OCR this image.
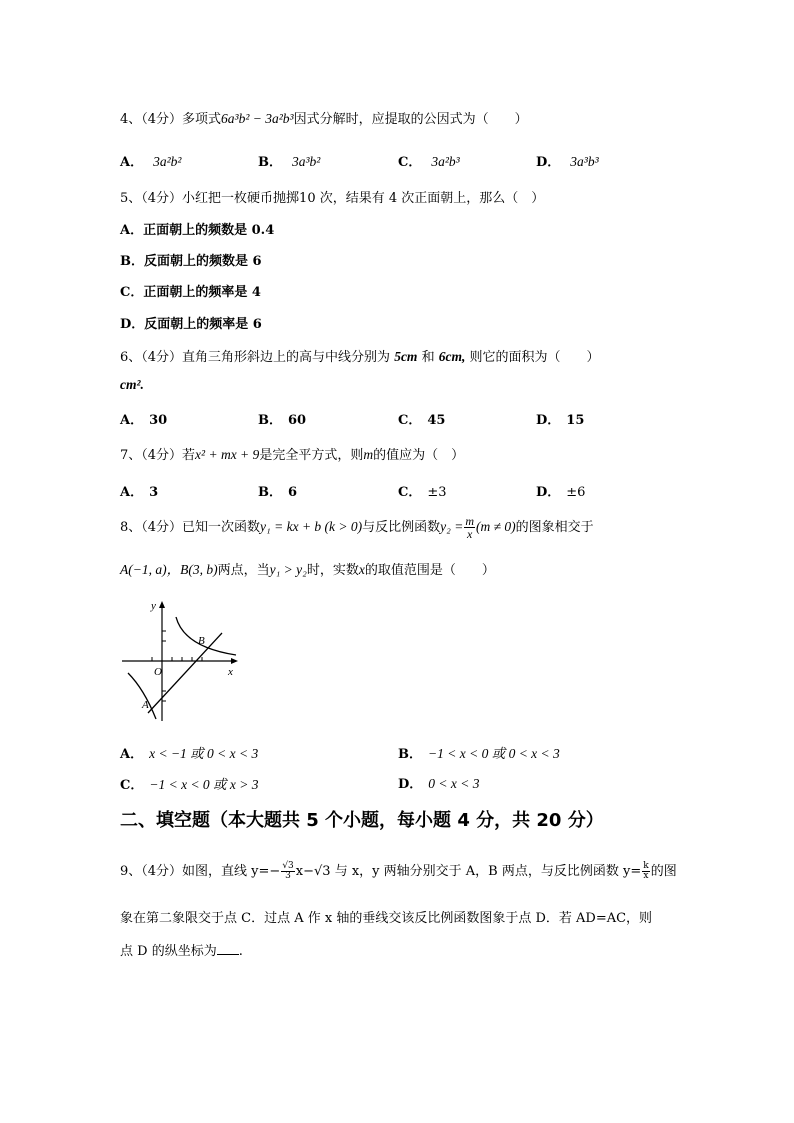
4、（4分）多项式6a³b² − 3a²b³因式分解时，应提取的公因式为（　　）
A． 3a²b²	B． 3a³b²	C． 3a²b³	D． 3a³b³
5、（4分）小红把一枚硬币抛掷10 次，结果有 4 次正面朝上，那么（　）
A．正面朝上的频数是 0.4
B．反面朝上的频数是 6
C．正面朝上的频率是 4
D．反面朝上的频率是 6
6、（4分）直角三角形斜边上的高与中线分别为 5cm 和 6cm, 则它的面积为（　　）
cm².
A． 30	B． 60	C． 45	D． 15
7、（4分）若x² + mx + 9是完全平方式，则m的值应为（　）
A． 3	B． 6	C． ±3	D． ±6
8、（4分）已知一次函数y₁ = kx + b (k > 0)与反比例函数$y_2 = \frac{m}{x} (m \ne 0)$的图象相交于
A(−1, a)，B(3, b)两点，当y₁ > y₂时，实数x的取值范围是（　　）
y
x
O
A
B
A． x < −1 或 0 < x < 3	B． −1 < x < 0 或 0 < x < 3
C． −1 < x < 0 或 x > 3	D． 0 < x < 3
二、填空题（本大题共 5 个小题，每小题 4 分，共 20 分）
9、（4分）如图，直线 $y=- \frac{√3}{3} x-√3$ 与 x，y 两轴分别交于 A，B 两点，与反比例函数 $y= \frac{k}{x}$ 的图
象在第二象限交于点 C．过点 A 作 x 轴的垂线交该反比例函数图象于点 D．若 AD=AC，则
点 D 的纵坐标为 .
